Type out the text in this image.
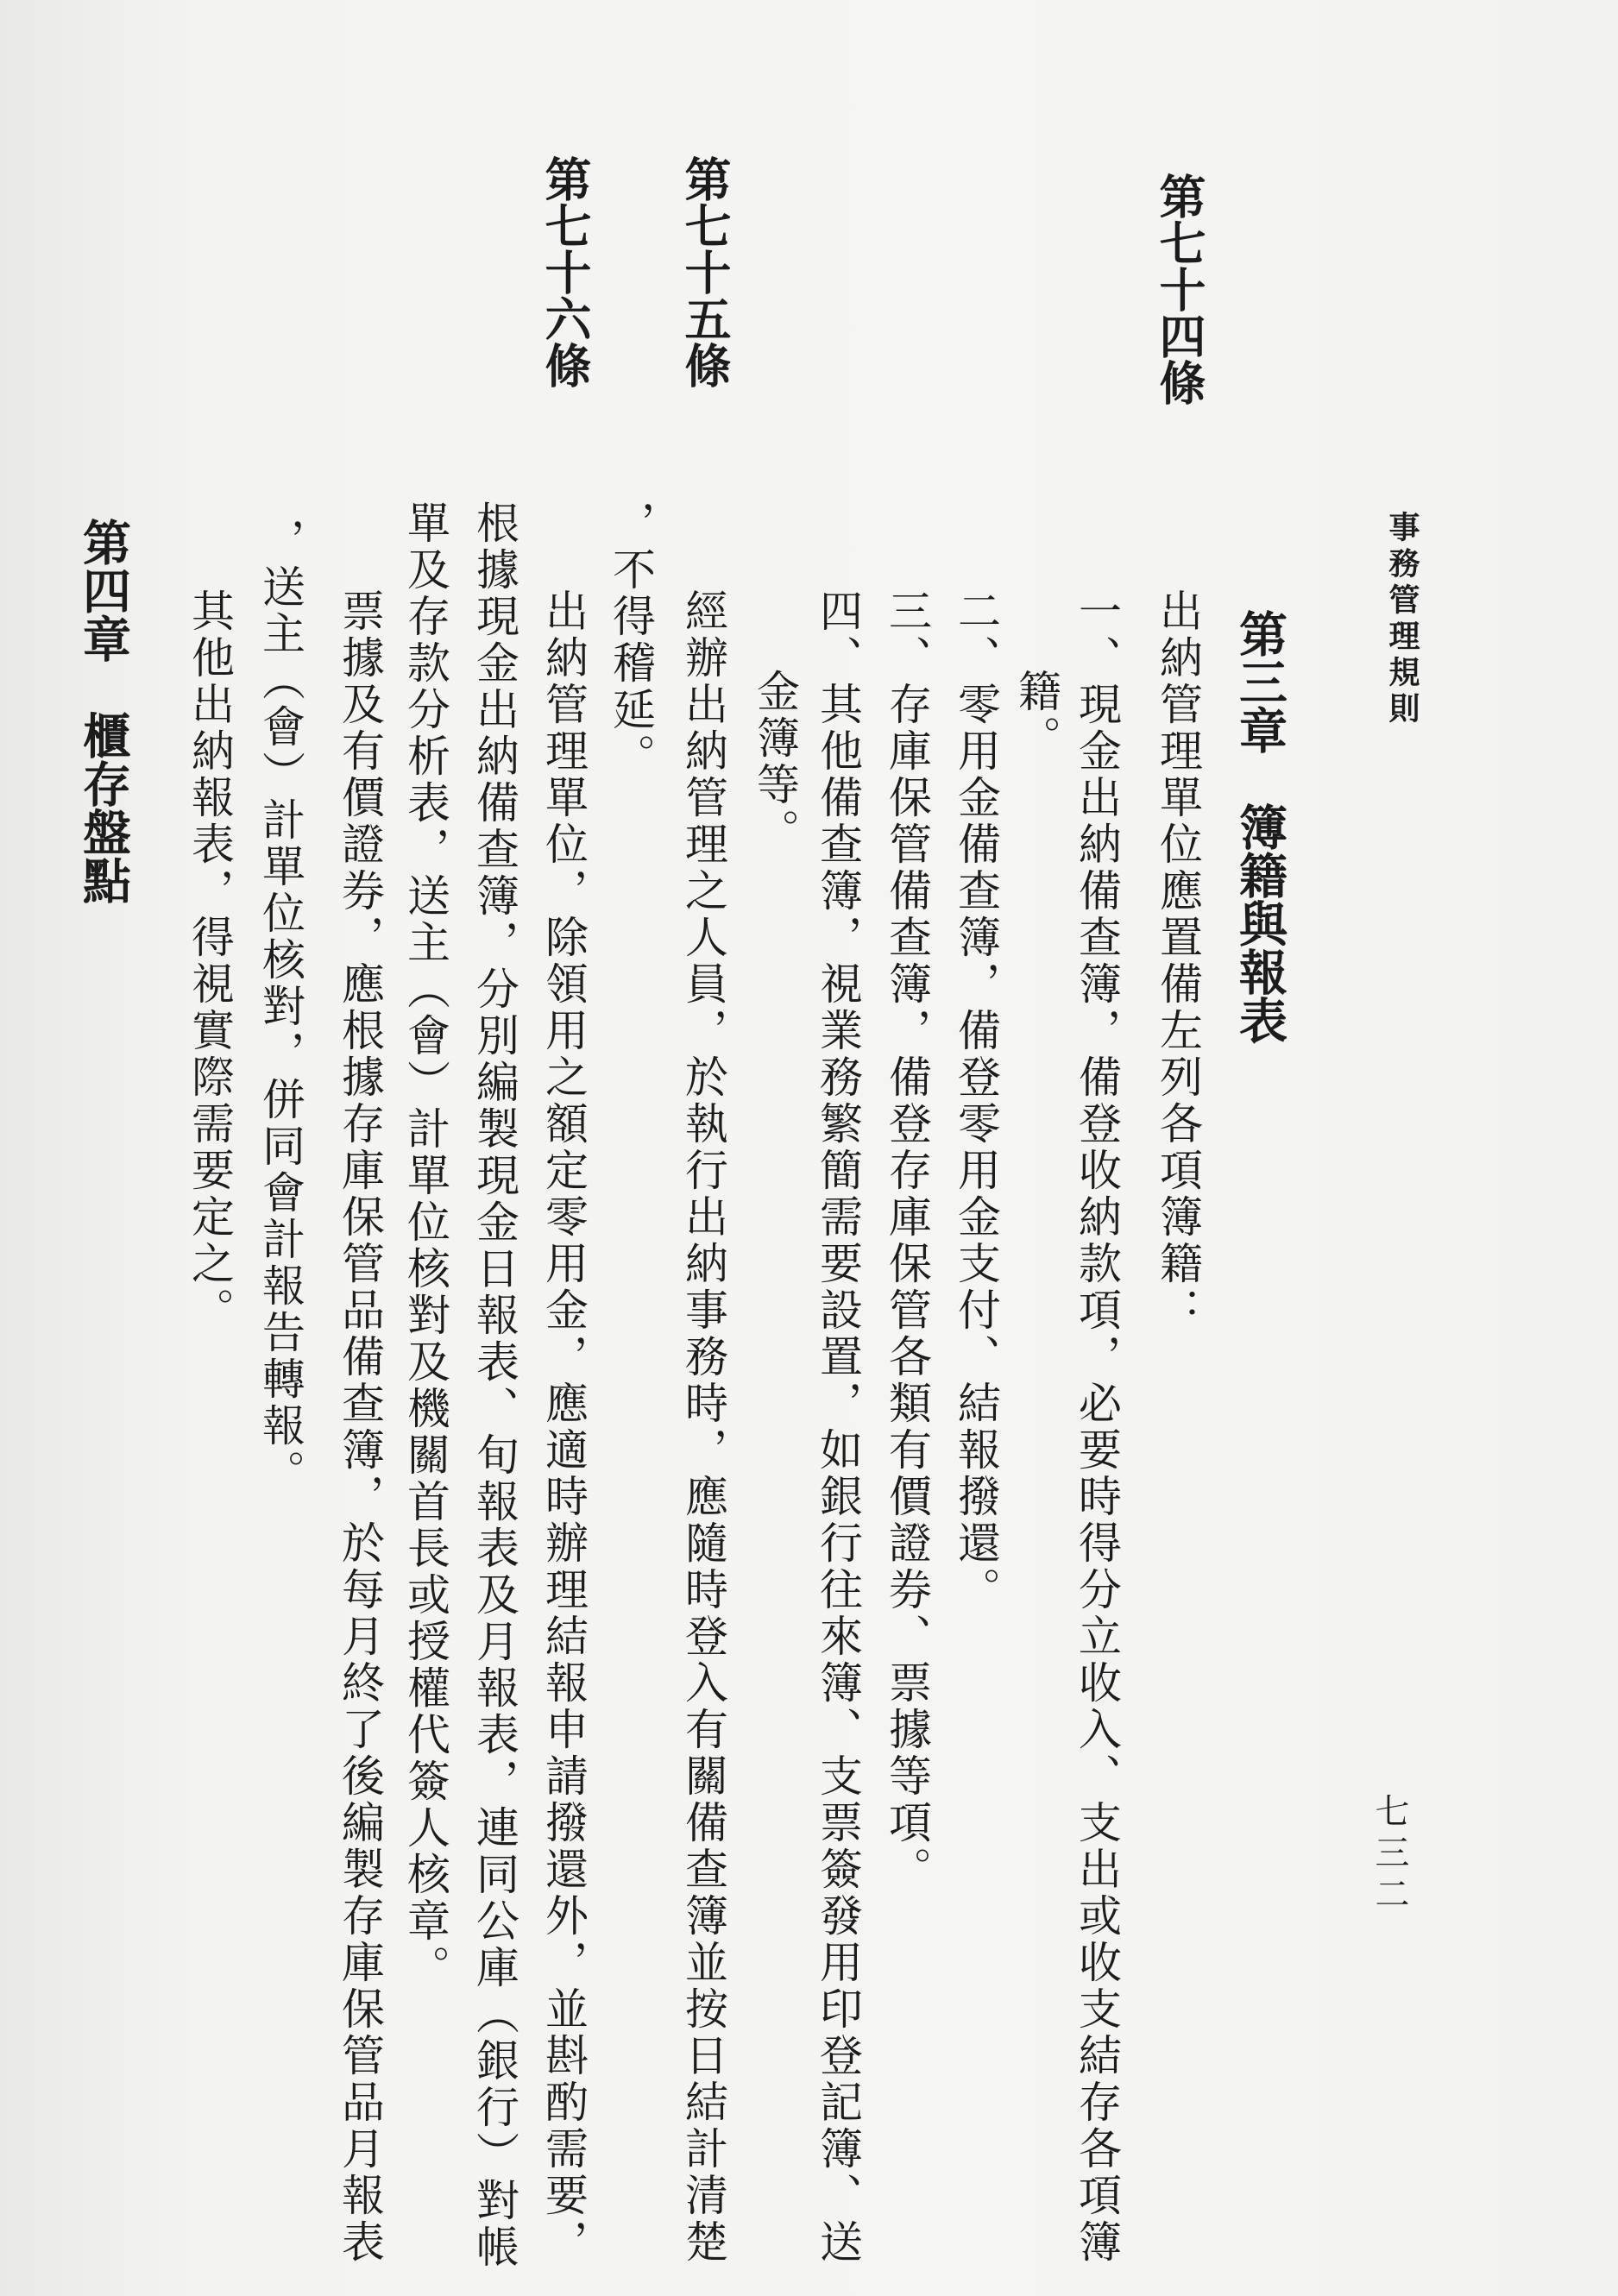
事務管理規則
七三二
第三章　簿籍與報表
第七十四條
出納管理單位應置備左列各項簿籍：
一、現金出納備查簿，備登收納款項，必要時得分立收入、支出或收支結存各項簿
籍。
二、零用金備查簿，備登零用金支付、結報撥還。
三、存庫保管備查簿，備登存庫保管各類有價證券、票據等項。
四、其他備查簿，視業務繁簡需要設置，如銀行往來簿、支票簽發用印登記簿、送
金簿等。
第七十五條
經辦出納管理之人員，於執行出納事務時，應隨時登入有關備查簿並按日結計清楚
，不得稽延。
第七十六條
出納管理單位，除領用之額定零用金，應適時辦理結報申請撥還外，並斟酌需要，
根據現金出納備查簿，分別編製現金日報表、旬報表及月報表，連同公庫（銀行）對帳
單及存款分析表，送主（會）計單位核對及機關首長或授權代簽人核章。
票據及有價證券，應根據存庫保管品備查簿，於每月終了後編製存庫保管品月報表
，送主（會）計單位核對，併同會計報告轉報。
其他出納報表，得視實際需要定之。
第四章　櫃存盤點
